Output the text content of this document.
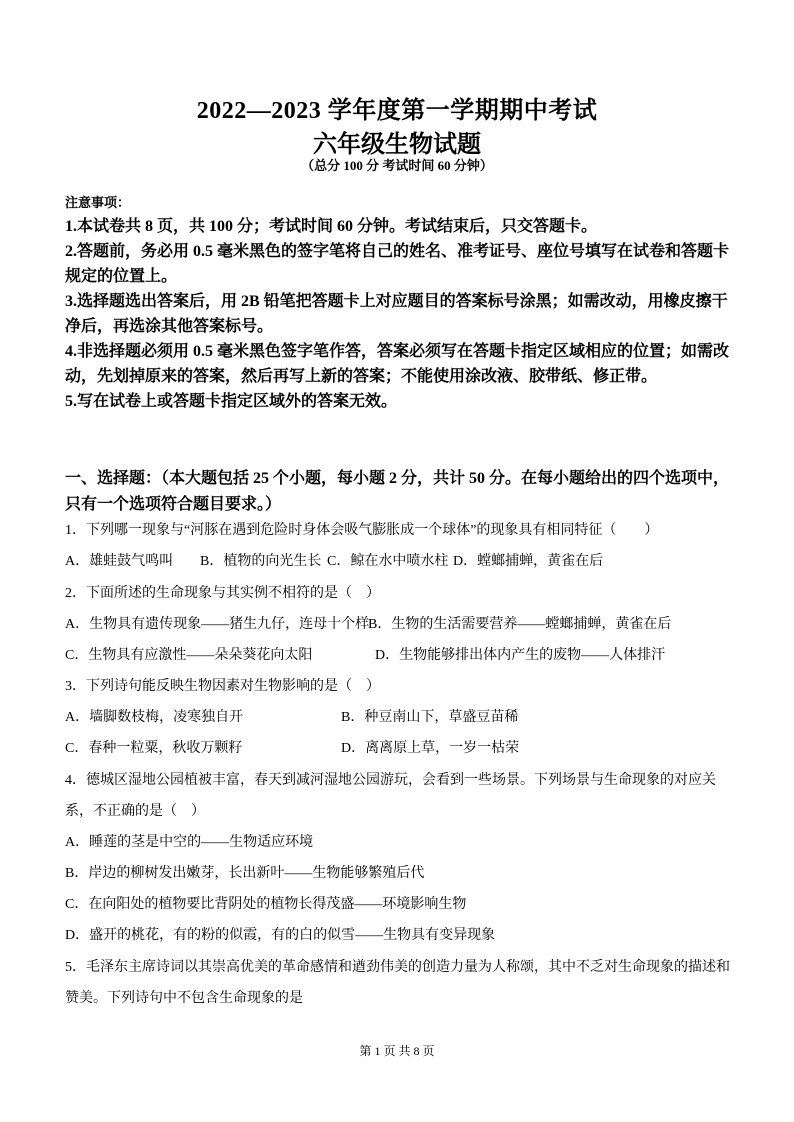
2022—2023 学年度第一学期期中考试
六年级生物试题
（总分 100 分 考试时间 60 分钟）

注意事项：

1.本试卷共 8 页，共 100 分；考试时间 60 分钟。考试结束后，只交答题卡。

2.答题前，务必用 0.5 毫米黑色的签字笔将自己的姓名、准考证号、座位号填写在试卷和答题卡规定的位置上。

3.选择题选出答案后，用 2B 铅笔把答题卡上对应题目的答案标号涂黑；如需改动，用橡皮擦干净后，再选涂其他答案标号。

4.非选择题必须用 0.5 毫米黑色签字笔作答，答案必须写在答题卡指定区域相应的位置；如需改动，先划掉原来的答案，然后再写上新的答案；不能使用涂改液、胶带纸、修正带。

5.写在试卷上或答题卡指定区域外的答案无效。

一、选择题：（本大题包括 25 个小题，每小题 2 分，共计 50 分。在每小题给出的四个选项中，只有一个选项符合题目要求。）
1．下列哪一现象与“河豚在遇到危险时身体会吸气膨胀成一个球体”的现象具有相同特征（　　）
A．雄蛙鼓气鸣叫 B．植物的向光生长 C．鲸在水中喷水柱 D．螳螂捕蝉，黄雀在后
2．下面所述的生命现象与其实例不相符的是（　）
A．生物具有遗传现象——猪生九仔，连母十个样
B．生物的生活需要营养——螳螂捕蝉，黄雀在后
C．生物具有应激性——朵朵葵花向太阳	D．生物能够排出体内产生的废物——人体排汗
3．下列诗句能反映生物因素对生物影响的是（　）
A．墙脚数枝梅，凌寒独自开	B．种豆南山下，草盛豆苗稀
C．春种一粒粟，秋收万颗籽	D．离离原上草，一岁一枯荣
4．德城区湿地公园植被丰富，春天到减河湿地公园游玩，会看到一些场景。下列场景与生命现象的对应关系，不正确的是（　）
A．睡莲的茎是中空的——生物适应环境
B．岸边的柳树发出嫩芽，长出新叶——生物能够繁殖后代
C．在向阳处的植物要比背阴处的植物长得茂盛——环境影响生物
D．盛开的桃花，有的粉的似霞，有的白的似雪——生物具有变异现象
5．毛泽东主席诗词以其崇高优美的革命感情和遒劲伟美的创造力量为人称颂，其中不乏对生命现象的描述和赞美。下列诗句中不包含生命现象的是
第 1 页 共 8 页
